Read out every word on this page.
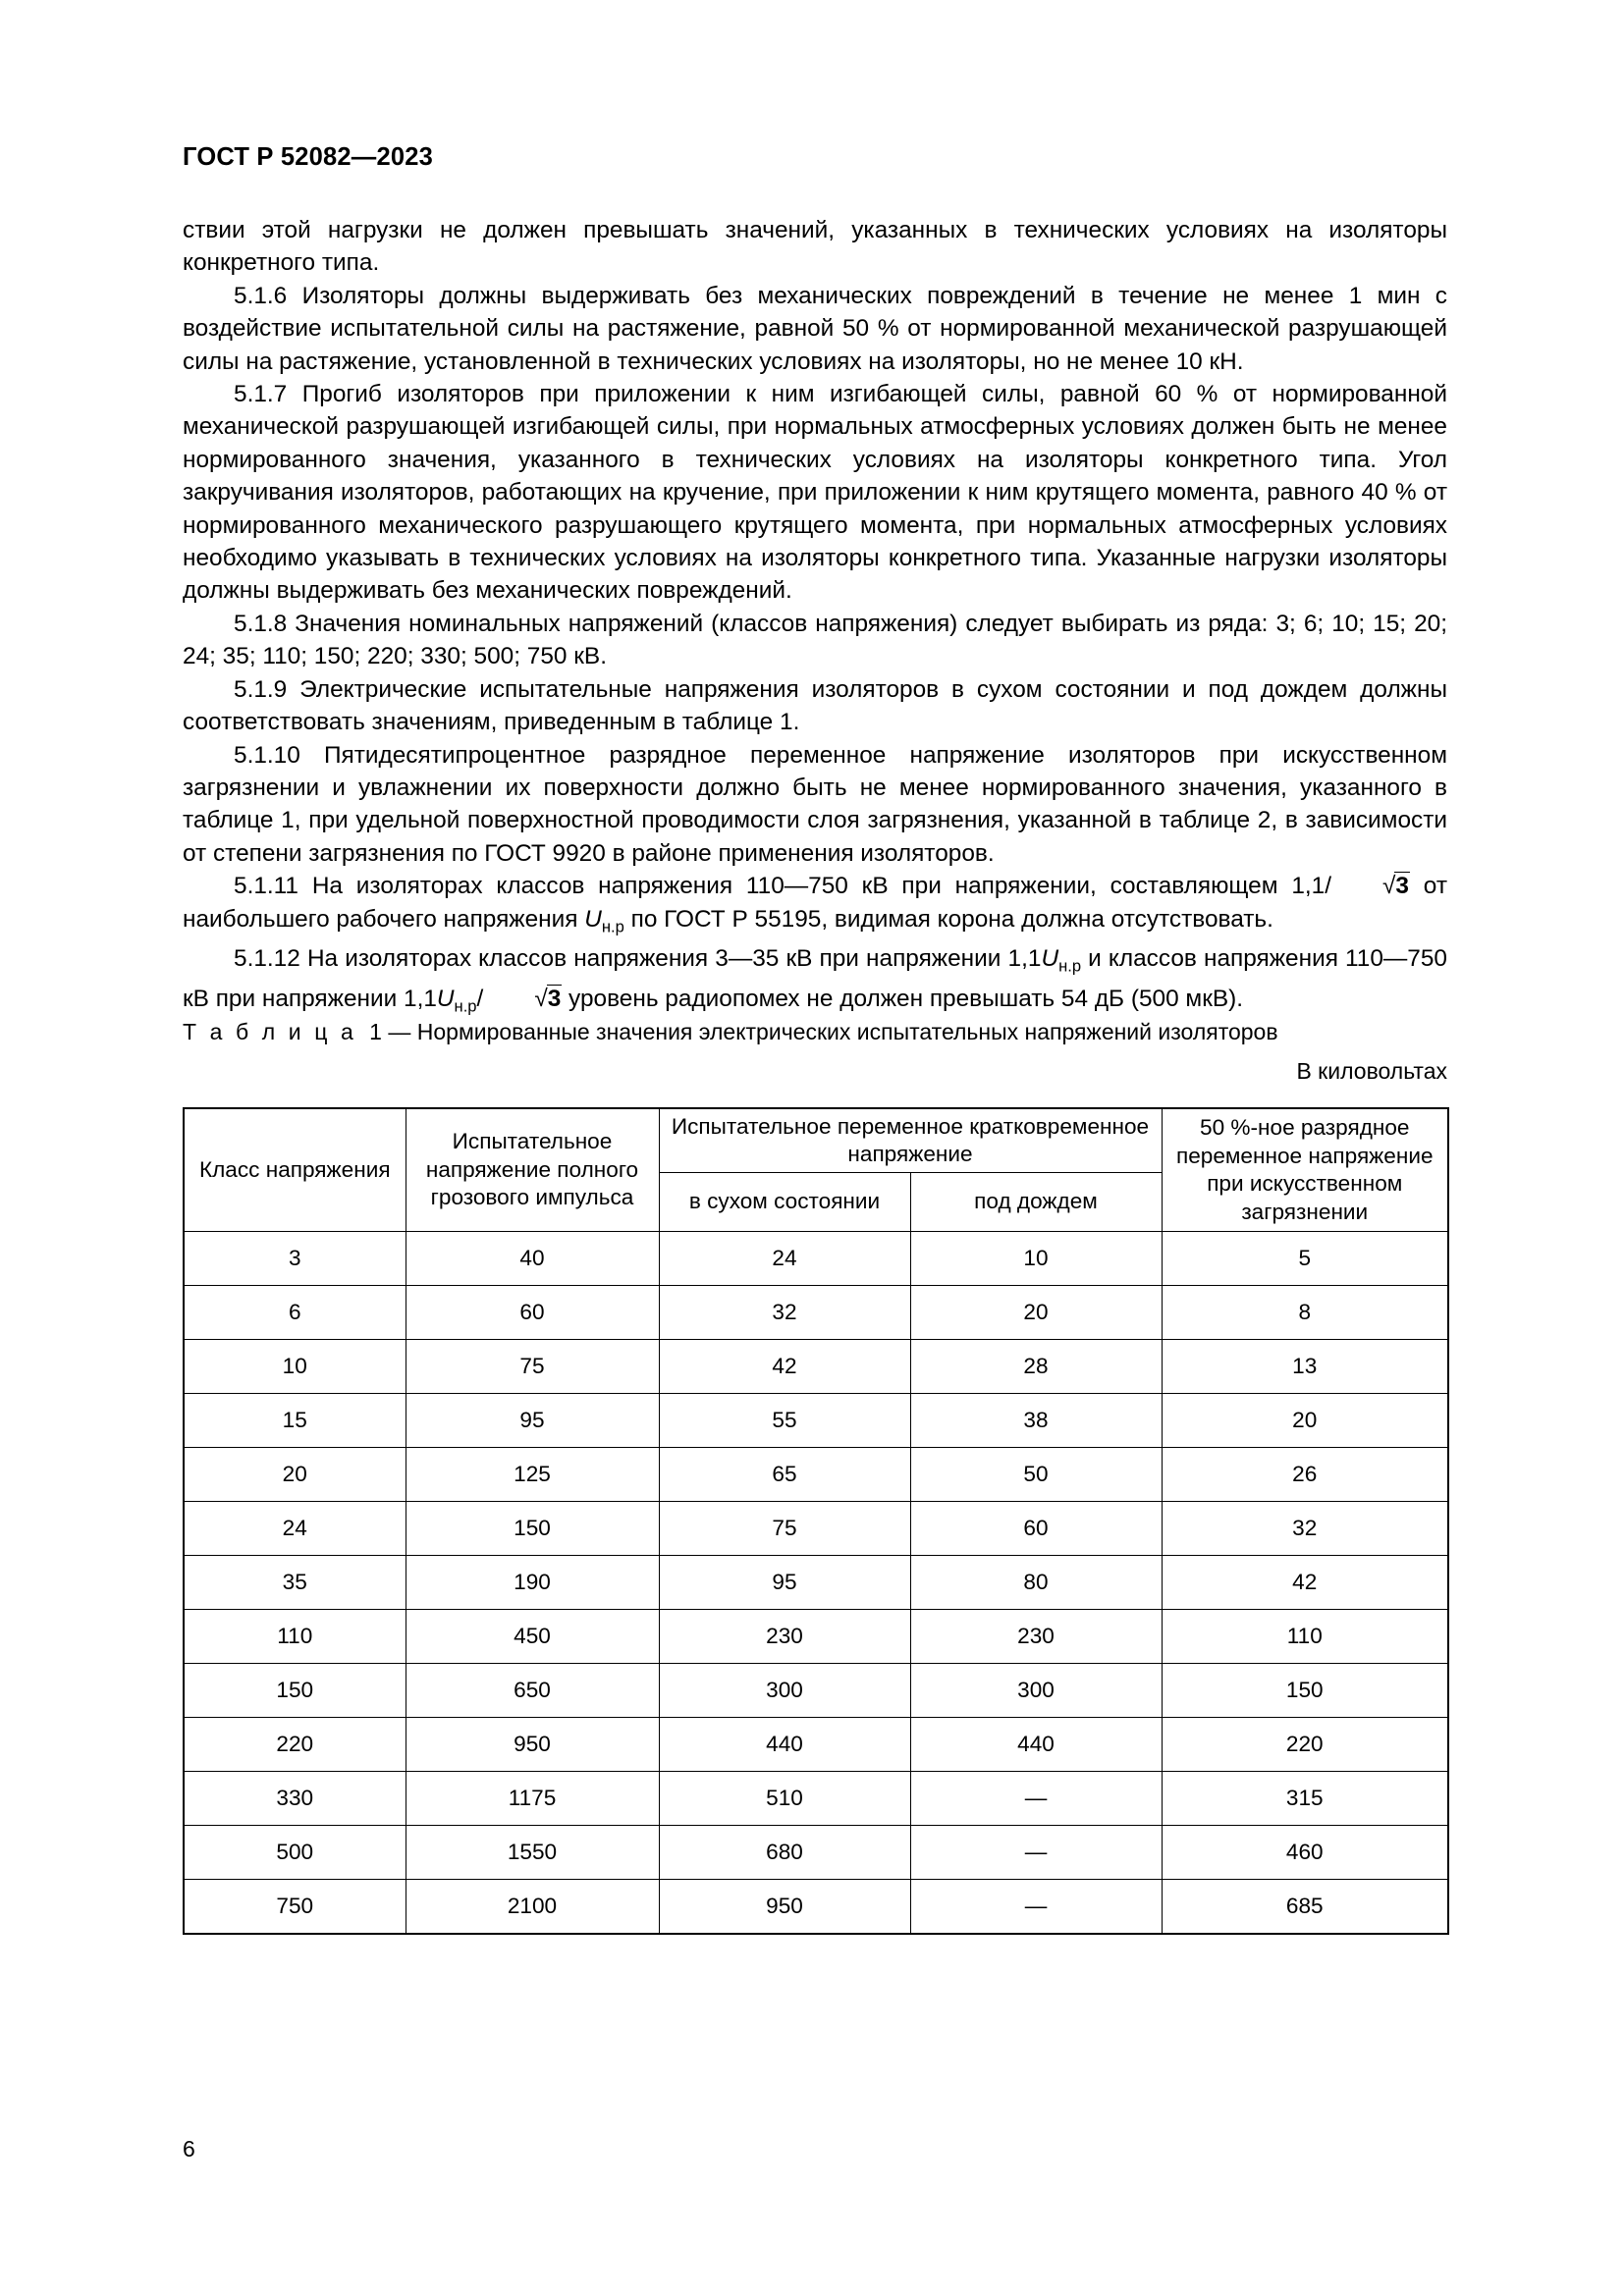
ГОСТ Р 52082—2023

ствии этой нагрузки не должен превышать значений, указанных в технических условиях на изоляторы конкретного типа.

5.1.6 Изоляторы должны выдерживать без механических повреждений в течение не менее 1 мин с воздействие испытательной силы на растяжение, равной 50 % от нормированной механической разрушающей силы на растяжение, установленной в технических условиях на изоляторы, но не менее 10 кН.

5.1.7 Прогиб изоляторов при приложении к ним изгибающей силы, равной 60 % от нормированной механической разрушающей изгибающей силы, при нормальных атмосферных условиях должен быть не менее нормированного значения, указанного в технических условиях на изоляторы конкретного типа. Угол закручивания изоляторов, работающих на кручение, при приложении к ним крутящего момента, равного 40 % от нормированного механического разрушающего крутящего момента, при нормальных атмосферных условиях необходимо указывать в технических условиях на изоляторы конкретного типа. Указанные нагрузки изоляторы должны выдерживать без механических повреждений.

5.1.8 Значения номинальных напряжений (классов напряжения) следует выбирать из ряда: 3; 6; 10; 15; 20; 24; 35; 110; 150; 220; 330; 500; 750 кВ.

5.1.9 Электрические испытательные напряжения изоляторов в сухом состоянии и под дождем должны соответствовать значениям, приведенным в таблице 1.

5.1.10 Пятидесятипроцентное разрядное переменное напряжение изоляторов при искусственном загрязнении и увлажнении их поверхности должно быть не менее нормированного значения, указанного в таблице 1, при удельной поверхностной проводимости слоя загрязнения, указанной в таблице 2, в зависимости от степени загрязнения по ГОСТ 9920 в районе применения изоляторов.

5.1.11 На изоляторах классов напряжения 110—750 кВ при напряжении, составляющем 1,1/ √3 от наибольшего рабочего напряжения $U_{н.р}$ по ГОСТ Р 55195, видимая корона должна отсутствовать.

5.1.12 На изоляторах классов напряжения 3—35 кВ при напряжении $1,1U_{н.р}$ и классов напряжения 110—750 кВ при напряжении $1,1U_{н.р}/$ √3 уровень радиопомех не должен превышать 54 дБ (500 мкВ).

Т а б л и ц а 1 — Нормированные значения электрических испытательных напряжений изоляторов
В киловольтах
Класс напряжения	Испытательное напряжение полного грозового импульса	Испытательное переменное кратковременное напряжение		50 %-ное разрядное переменное напряжение при искусственном загрязнении
		в сухом состоянии	под дождем	
3	40	24	10	5
6	60	32	20	8
10	75	42	28	13
15	95	55	38	20
20	125	65	50	26
24	150	75	60	32
35	190	95	80	42
110	450	230	230	110
150	650	300	300	150
220	950	440	440	220
330	1175	510	—	315
500	1550	680	—	460
750	2100	950	—	685
6
